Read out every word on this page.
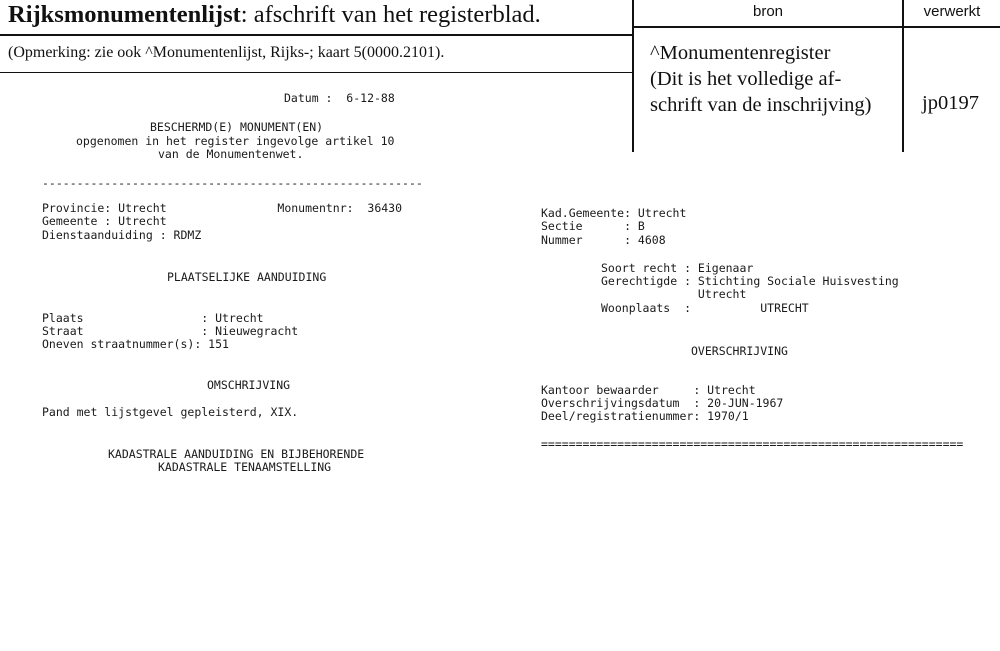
Rijksmonumentenlijst: afschrift van het registerblad.
(Opmerking: zie ook ^Monumentenlijst, Rijks-; kaart 5(0000.2101).
bron	verwerkt
^Monumentenregister
(Dit is het volledige af-
schrift van de inschrijving) jp0197
Datum :  6-12-88
BESCHERMD(E) MONUMENT(EN)
opgenomen in het register ingevolge artikel 10
van de Monumentenwet.
-------------------------------------------------------
Provincie: Utrecht                Monumentnr:  36430
Gemeente : Utrecht
Dienstaanduiding : RDMZ
PLAATSELIJKE AANDUIDING
Plaats                 : Utrecht
Straat                 : Nieuwegracht
Oneven straatnummer(s): 151
OMSCHRIJVING
Pand met lijstgevel gepleisterd, XIX.
KADASTRALE AANDUIDING EN BIJBEHORENDE
KADASTRALE TENAAMSTELLING
Kad.Gemeente: Utrecht
Sectie      : B
Nummer      : 4608
Soort recht : Eigenaar
Gerechtigde : Stichting Sociale Huisvesting
Utrecht
Woonplaats  :          UTRECHT
OVERSCHRIJVING
Kantoor bewaarder     : Utrecht
Overschrijvingsdatum  : 20-JUN-1967
Deel/registratienummer: 1970/1
=============================================================
